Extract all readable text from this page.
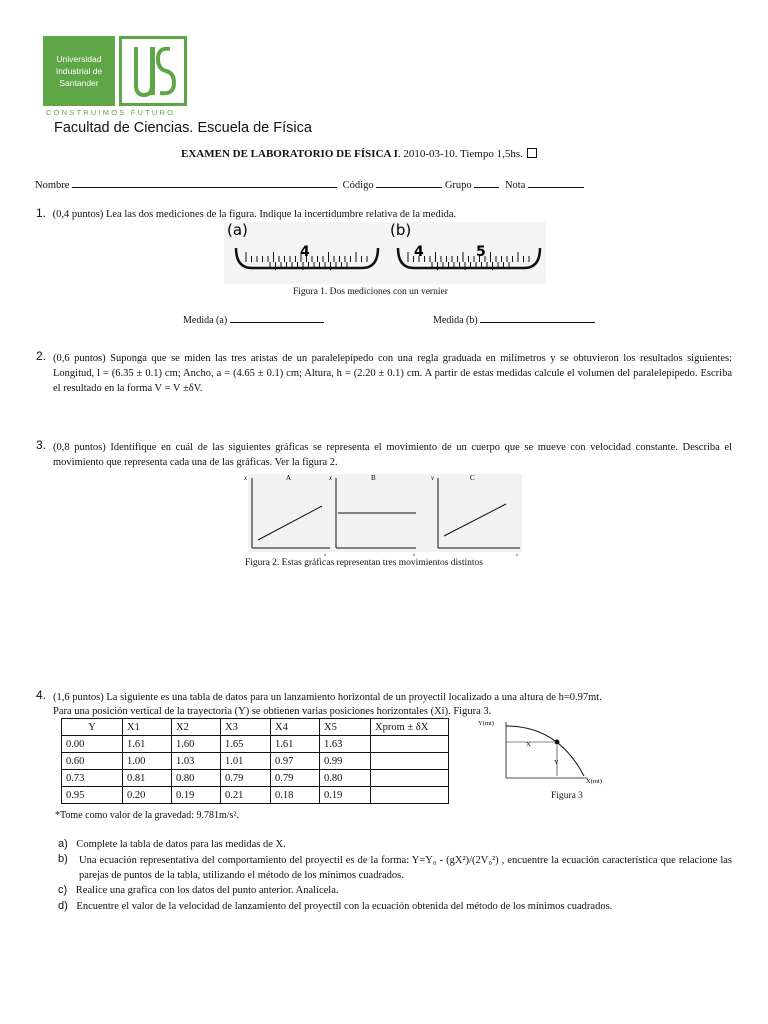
Universidad
Industrial de
Santander
CONSTRUIMOS FUTURO
Facultad de Ciencias. Escuela de Física
EXAMEN DE LABORATORIO DE FÍSICA I. 2010-03-10. Tiempo 1,5hs.
Nombre	Código	Grupo	Nota
1. (0,4 puntos) Lea las dos mediciones de la figura. Indique la incertidumbre relativa de la medida.
(a)	(b)
4	4	5
Figura 1. Dos mediciones con un vernier
Medida (a)	Medida (b)
2. (0,6 puntos) Suponga que se miden las tres aristas de un paralelepípedo con una regla graduada en milímetros y se obtuvieron los resultados siguientes: Longitud, l = (6.35 ± 0.1) cm; Ancho, a = (4.65 ± 0.1) cm; Altura, h = (2.20 ± 0.1) cm. A partir de estas medidas calcule el volumen del paralelepípedo. Escriba el resultado en la forma V = V ±δV.
3. (0,8 puntos) Identifique en cuál de las siguientes gráficas se representa el movimiento de un cuerpo que se mueve con velocidad constante. Describa el movimiento que representa cada una de las gráficas. Ver la figura 2.
x	A
t
x	B
t
v	C
t
Figura 2. Estas gráficas representan tres movimientos distintos
4. (1,6 puntos) La siguiente es una tabla de datos para un lanzamiento horizontal de un proyectil localizado a una altura de h=0.97mt.
Para una posición vertical de la trayectoria (Y) se obtienen varias posiciones horizontales (Xi). Figura 3.
Y	X1	X2	X3	X4	X5	Xprom ± δX
0.00	1.61	1.60	1.65	1.61	1.63	
0.60	1.00	1.03	1.01	0.97	0.99	
0.73	0.81	0.80	0.79	0.79	0.80	
0.95	0.20	0.19	0.21	0.18	0.19	
*Tome como valor de la gravedad: 9.781m/s².
Y(mt)
X(mt)
X
Y
Figura 3
a) Complete la tabla de datos para las medidas de X.
b) Una ecuación representativa del comportamiento del proyectil es de la forma: Y=Y₀ - (gX²)/(2V₀²) , encuentre la ecuación característica que relacione las parejas de puntos de la tabla, utilizando el método de los mínimos cuadrados.
c) Realice una grafica con los datos del punto anterior. Analícela.
d) Encuentre el valor de la velocidad de lanzamiento del proyectil con la ecuación obtenida del método de los mínimos cuadrados.
